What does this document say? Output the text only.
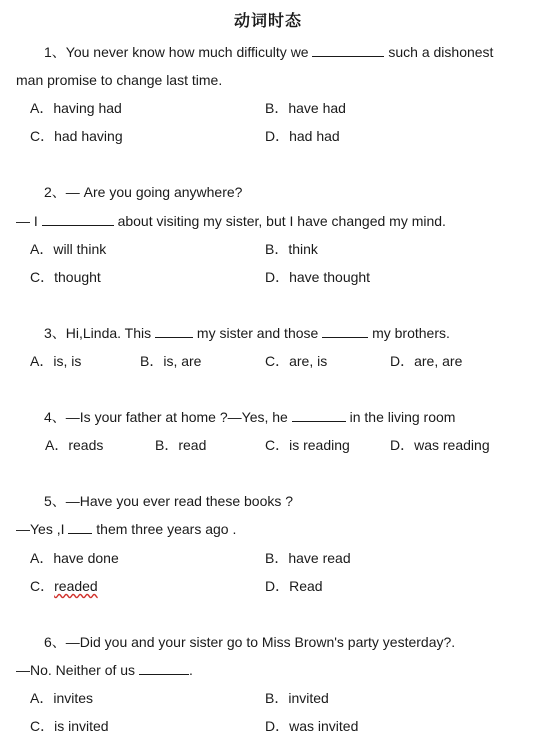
动词时态
1、You never know how much difficulty we	such a dishonest
man promise to change last time.
A．having had	B．have had
C．had having	D．had had
2、— Are you going anywhere?
— I	about visiting my sister, but I have changed my mind.
A．will think	B．think
C．thought	D．have thought
3、Hi,Linda. This	my sister and those	my brothers.
A．is, is	B．is, are	C．are, is	D．are, are
4、—Is your father at home ?—Yes, he	in the living room
A．reads	B．read	C．is reading	D．was reading
5、—Have you ever read these books ?
—Yes ,I them three years ago .
A．have done	B．have read
C．readed	D．Read
6、—Did you and your sister go to Miss Brown's party yesterday?.
—No. Neither of us	.
A．invites	B．invited
C．is invited	D．was invited
